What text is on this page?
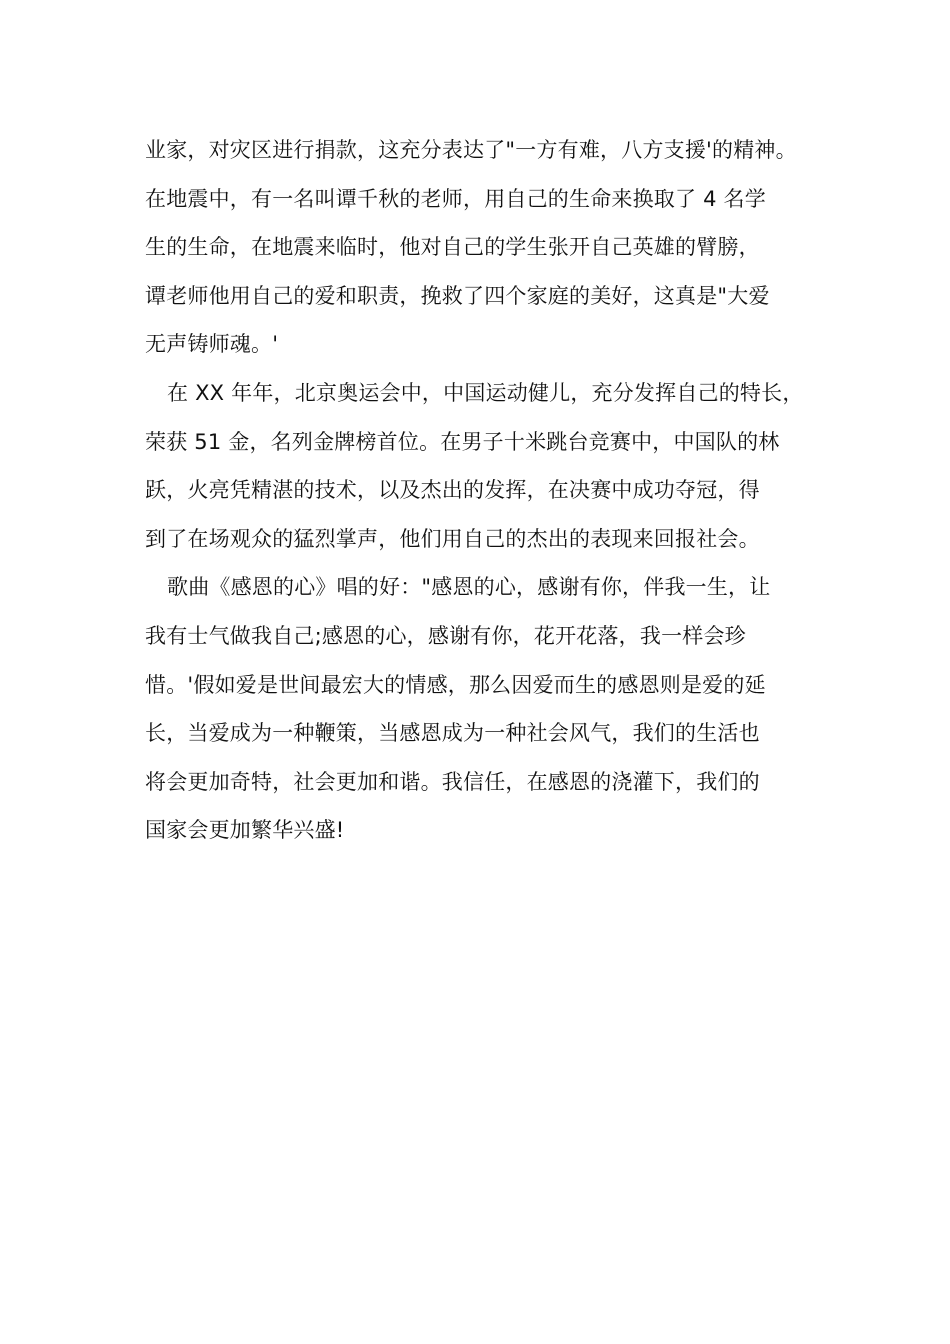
业家，对灾区进行捐款，这充分表达了"一方有难，八方支援'的精神。
在地震中，有一名叫谭千秋的老师，用自己的生命来换取了 4 名学
生的生命，在地震来临时，他对自己的学生张开自己英雄的臂膀，
谭老师他用自己的爱和职责，挽救了四个家庭的美好，这真是"大爱
无声铸师魂。'
在 XX 年年，北京奥运会中，中国运动健儿，充分发挥自己的特长，
荣获 51 金，名列金牌榜首位。在男子十米跳台竞赛中，中国队的林
跃，火亮凭精湛的技术，以及杰出的发挥，在决赛中成功夺冠，得
到了在场观众的猛烈掌声，他们用自己的杰出的表现来回报社会。
歌曲《感恩的心》唱的好："感恩的心，感谢有你，伴我一生，让
我有士气做我自己;感恩的心，感谢有你，花开花落，我一样会珍
惜。'假如爱是世间最宏大的情感，那么因爱而生的感恩则是爱的延
长，当爱成为一种鞭策，当感恩成为一种社会风气，我们的生活也
将会更加奇特，社会更加和谐。我信任，在感恩的浇灌下，我们的
国家会更加繁华兴盛!
